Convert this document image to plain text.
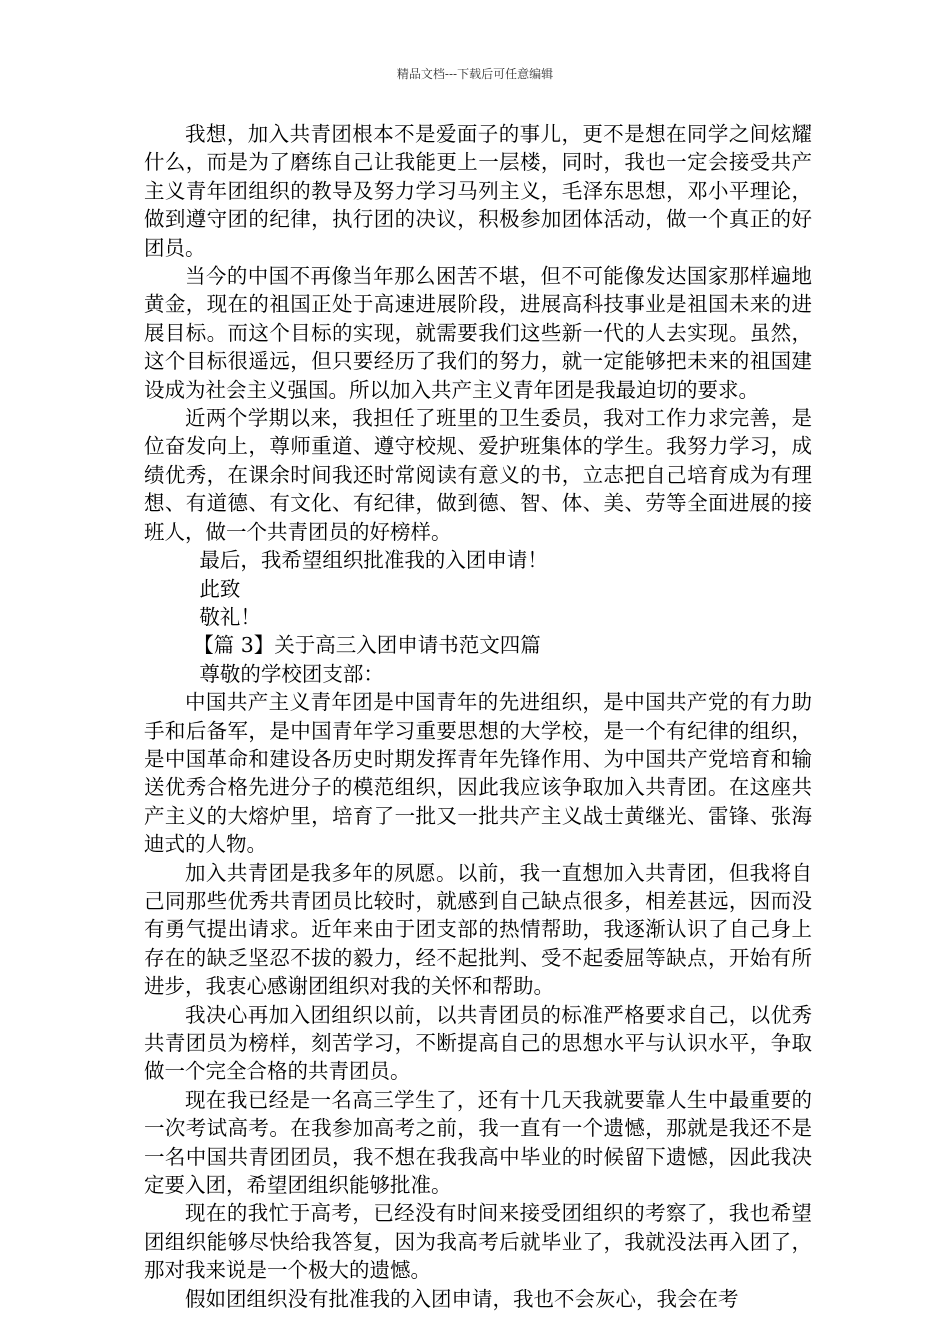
精品文档---下载后可任意编辑

我想，加入共青团根本不是爱面子的事儿，更不是想在同学之间炫耀什么，而是为了磨练自己让我能更上一层楼，同时，我也一定会接受共产主义青年团组织的教导及努力学习马列主义，毛泽东思想，邓小平理论，做到遵守团的纪律，执行团的决议，积极参加团体活动，做一个真正的好团员。

当今的中国不再像当年那么困苦不堪，但不可能像发达国家那样遍地黄金，现在的祖国正处于高速进展阶段，进展高科技事业是祖国未来的进展目标。而这个目标的实现，就需要我们这些新一代的人去实现。虽然，这个目标很遥远，但只要经历了我们的努力，就一定能够把未来的祖国建设成为社会主义强国。所以加入共产主义青年团是我最迫切的要求。

近两个学期以来，我担任了班里的卫生委员，我对工作力求完善，是位奋发向上，尊师重道、遵守校规、爱护班集体的学生。我努力学习，成绩优秀，在课余时间我还时常阅读有意义的书，立志把自己培育成为有理想、有道德、有文化、有纪律，做到德、智、体、美、劳等全面进展的接班人，做一个共青团员的好榜样。

最后，我希望组织批准我的入团申请！

此致

敬礼！

【篇 3】关于高三入团申请书范文四篇

尊敬的学校团支部：

中国共产主义青年团是中国青年的先进组织，是中国共产党的有力助手和后备军，是中国青年学习重要思想的大学校，是一个有纪律的组织，是中国革命和建设各历史时期发挥青年先锋作用、为中国共产党培育和输送优秀合格先进分子的模范组织，因此我应该争取加入共青团。在这座共产主义的大熔炉里，培育了一批又一批共产主义战士黄继光、雷锋、张海迪式的人物。

加入共青团是我多年的夙愿。以前，我一直想加入共青团，但我将自己同那些优秀共青团员比较时，就感到自己缺点很多，相差甚远，因而没有勇气提出请求。近年来由于团支部的热情帮助，我逐渐认识了自己身上存在的缺乏坚忍不拔的毅力，经不起批判、受不起委屈等缺点，开始有所进步，我衷心感谢团组织对我的关怀和帮助。

我决心再加入团组织以前，以共青团员的标准严格要求自己，以优秀共青团员为榜样，刻苦学习，不断提高自己的思想水平与认识水平，争取做一个完全合格的共青团员。

现在我已经是一名高三学生了，还有十几天我就要靠人生中最重要的一次考试高考。在我参加高考之前，我一直有一个遗憾，那就是我还不是一名中国共青团团员，我不想在我我高中毕业的时候留下遗憾，因此我决定要入团，希望团组织能够批准。

现在的我忙于高考，已经没有时间来接受团组织的考察了，我也希望团组织能够尽快给我答复，因为我高考后就毕业了，我就没法再入团了，那对我来说是一个极大的遗憾。

假如团组织没有批准我的入团申请，我也不会灰心，我会在考
